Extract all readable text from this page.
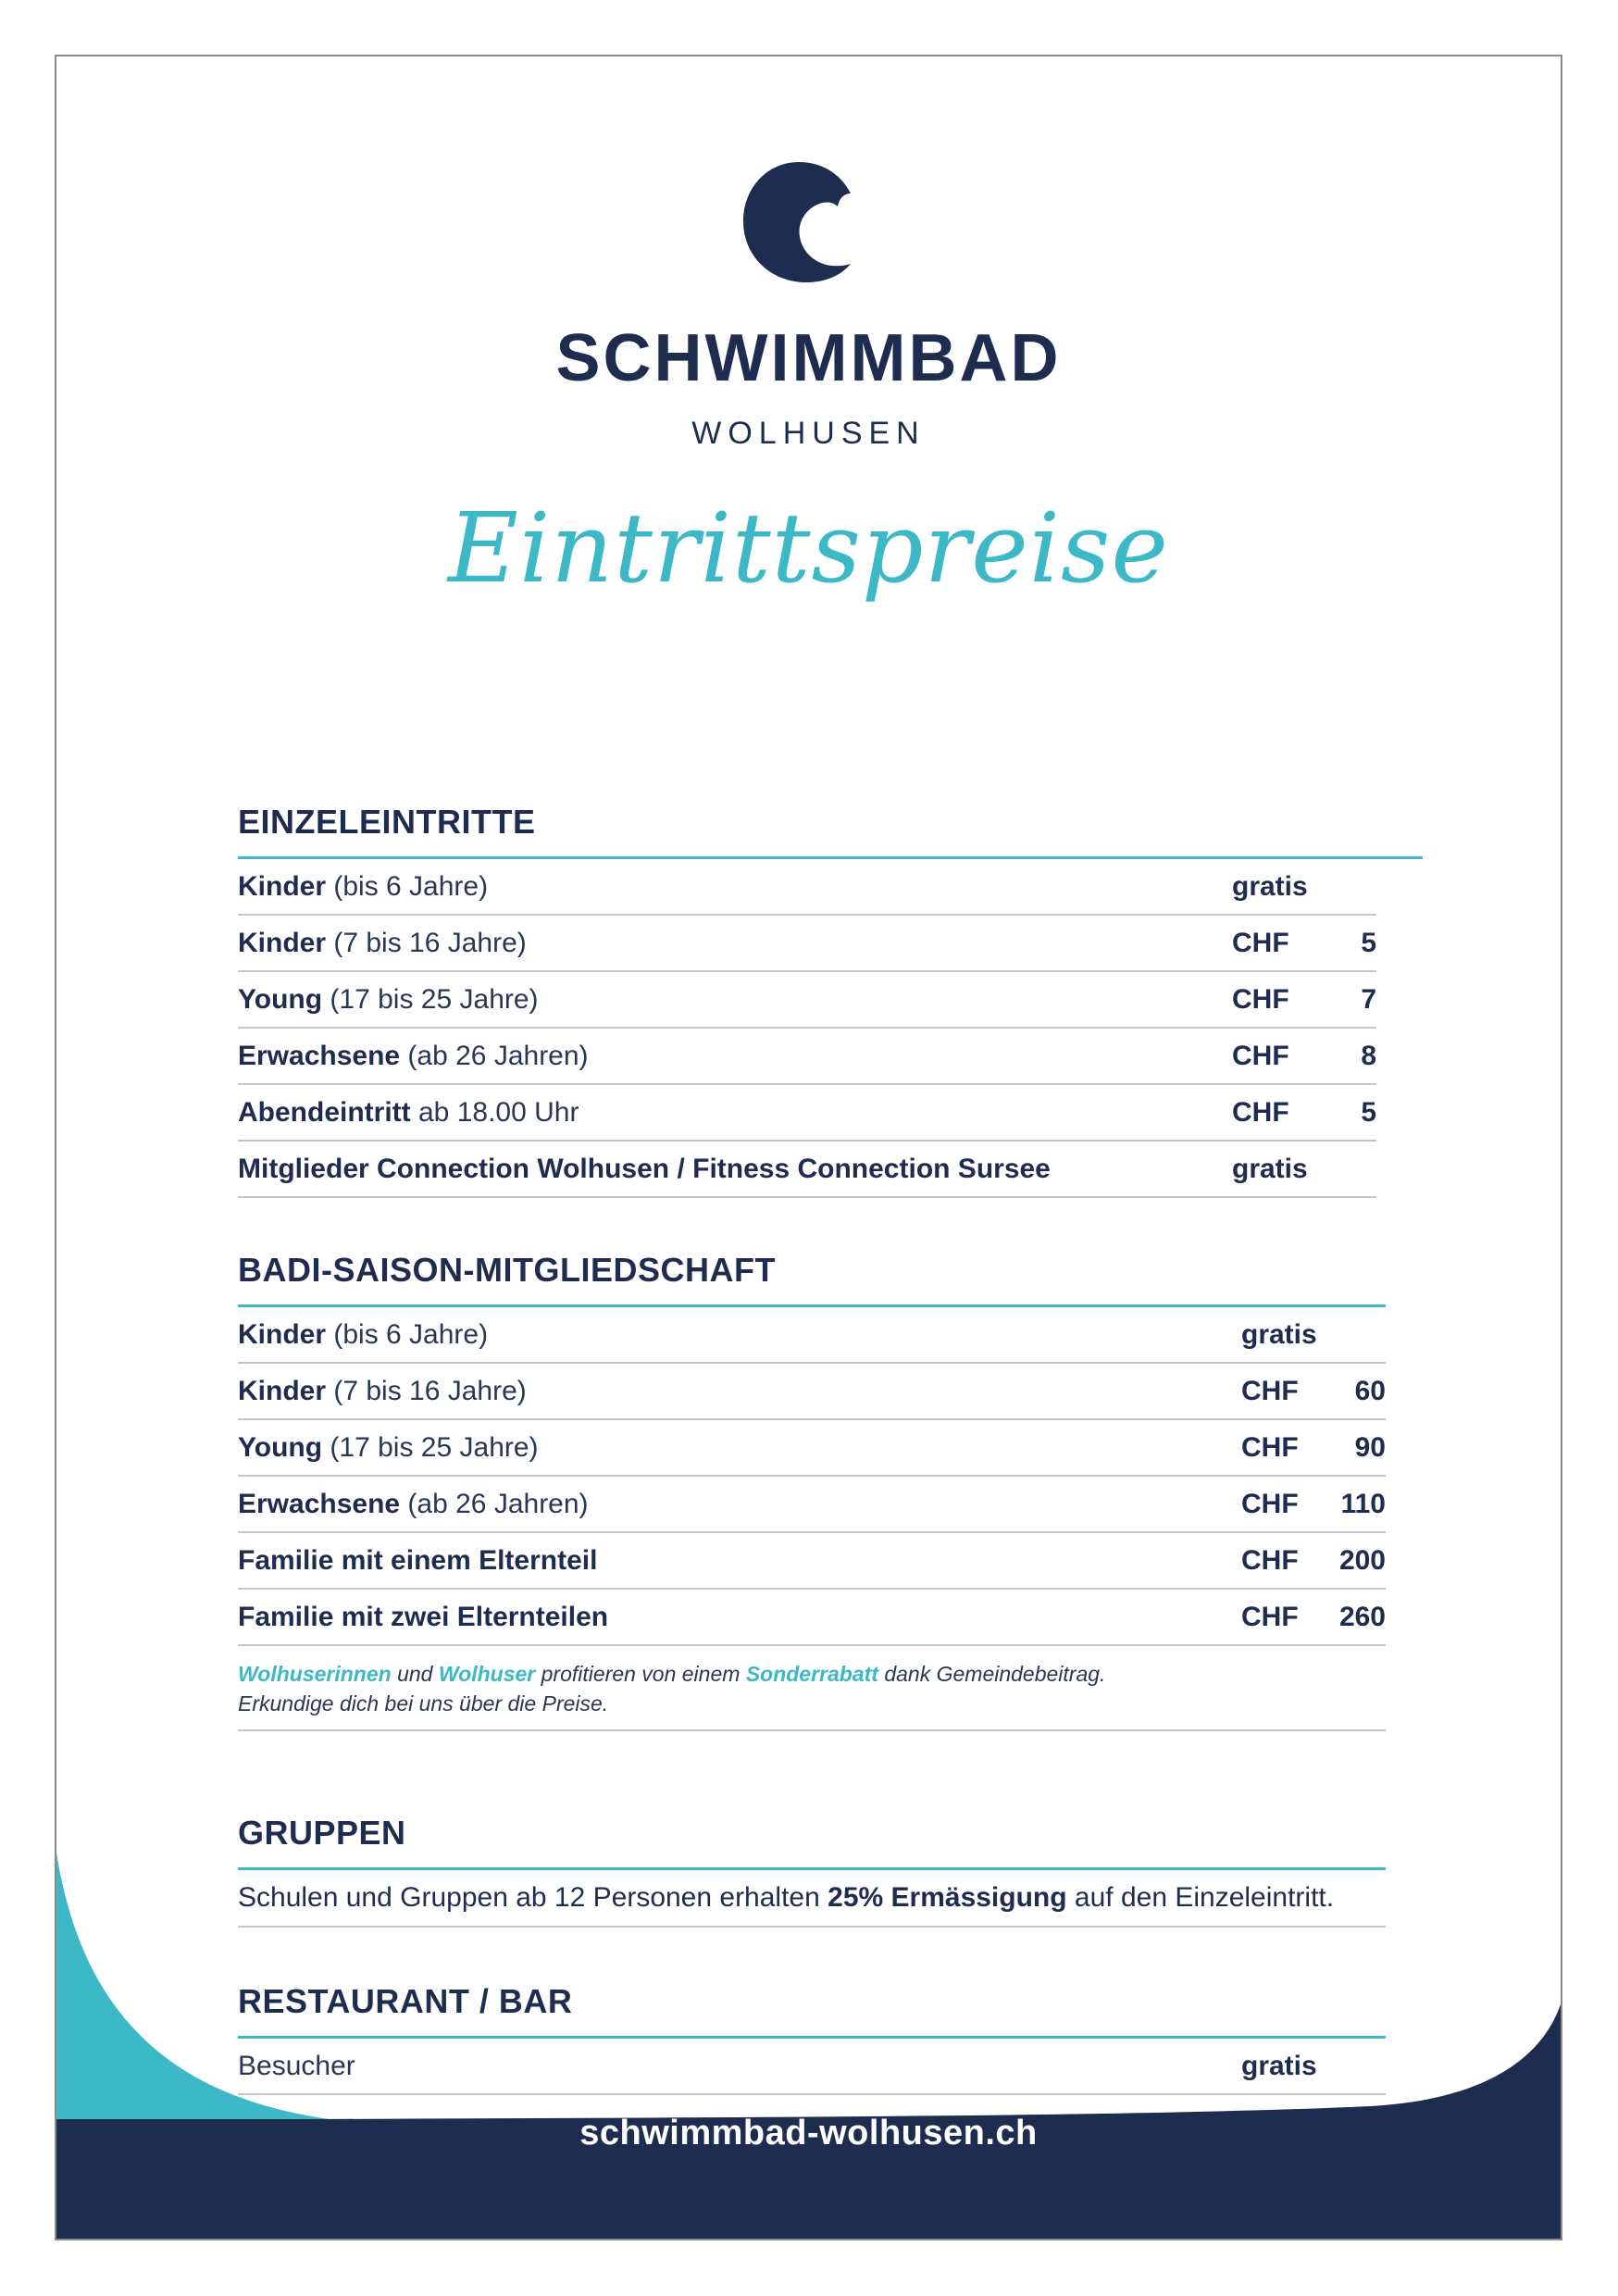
SCHWIMMBAD
WOLHUSEN
Eintrittspreise
EINZELEINTRITTE
Kinder (bis 6 Jahre)	gratis
Kinder (7 bis 16 Jahre)	CHF	5
Young (17 bis 25 Jahre)	CHF	7
Erwachsene (ab 26 Jahren)	CHF	8
Abendeintritt ab 18.00 Uhr	CHF	5
Mitglieder Connection Wolhusen / Fitness Connection Sursee	gratis
BADI-SAISON-MITGLIEDSCHAFT
Kinder (bis 6 Jahre)	gratis
Kinder (7 bis 16 Jahre)	CHF	60
Young (17 bis 25 Jahre)	CHF	90
Erwachsene (ab 26 Jahren)	CHF	110
Familie mit einem Elternteil	CHF	200
Familie mit zwei Elternteilen	CHF	260
Wolhuserinnen und Wolhuser profitieren von einem Sonderrabatt dank Gemeindebeitrag.
Erkundige dich bei uns über die Preise.
GRUPPEN
Schulen und Gruppen ab 12 Personen erhalten 25% Ermässigung auf den Einzeleintritt.
RESTAURANT / BAR
Besucher	gratis
schwimmbad-wolhusen.ch
